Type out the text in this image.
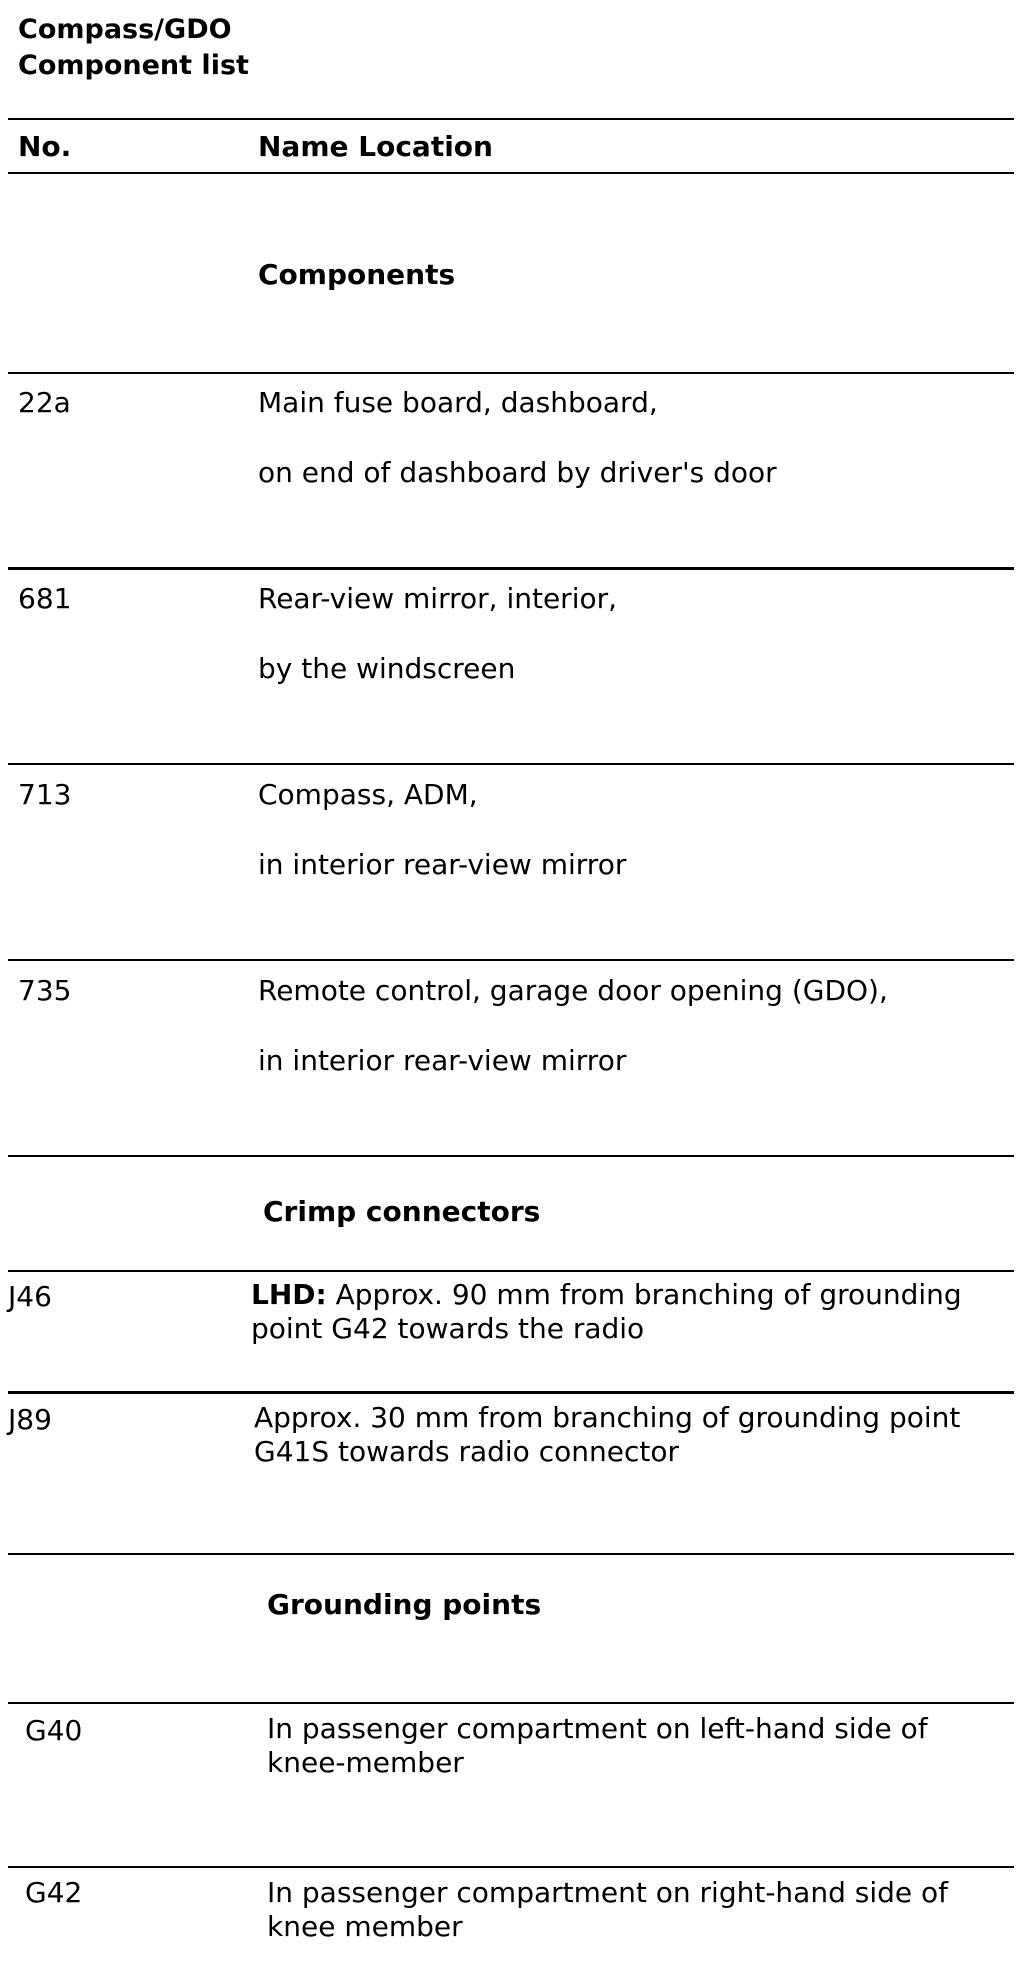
Compass/GDO
Component list
No.	Name Location
Components
22a	Main fuse board, dashboard,
on end of dashboard by driver's door
681	Rear-view mirror, interior,
by the windscreen
713	Compass, ADM,
in interior rear-view mirror
735	Remote control, garage door opening (GDO),
in interior rear-view mirror
Crimp connectors
J46	LHD: Approx. 90 mm from branching of grounding point G42 towards the radio
J89	Approx. 30 mm from branching of grounding point G41S towards radio connector
Grounding points
G40	In passenger compartment on left-hand side of knee-member
G42	In passenger compartment on right-hand side of knee member
